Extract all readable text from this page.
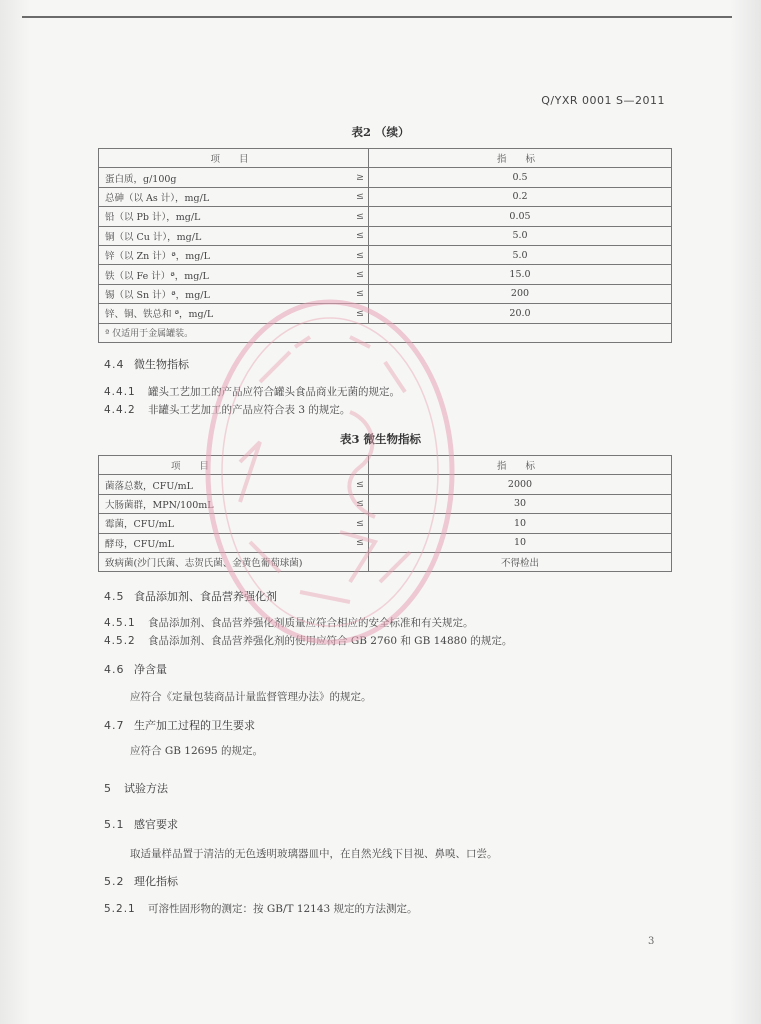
Q/YXR 0001 S—2011
表2 （续）
项 目		指 标
蛋白质，g/100g	≥	0.5
总砷（以 As 计），mg/L	≤	0.2
铅（以 Pb 计），mg/L	≤	0.05
铜（以 Cu 计），mg/L	≤	5.0
锌（以 Zn 计）ª，mg/L	≤	5.0
铁（以 Fe 计）ª，mg/L	≤	15.0
锡（以 Sn 计）ª，mg/L	≤	200
锌、铜、铁总和 ª，mg/L	≤	20.0
ª 仅适用于金属罐装。		
4.4 微生物指标
4.4.1 罐头工艺加工的产品应符合罐头食品商业无菌的规定。
4.4.2 非罐头工艺加工的产品应符合表 3 的规定。
表3 微生物指标
项 目		指 标
菌落总数，CFU/mL	≤	2000
大肠菌群，MPN/100mL	≤	30
霉菌，CFU/mL	≤	10
酵母，CFU/mL	≤	10
致病菌(沙门氏菌、志贺氏菌、金黄色葡萄球菌)		不得检出
4.5 食品添加剂、食品营养强化剂
4.5.1 食品添加剂、食品营养强化剂质量应符合相应的安全标准和有关规定。
4.5.2 食品添加剂、食品营养强化剂的使用应符合 GB 2760 和 GB 14880 的规定。
4.6 净含量
应符合《定量包装商品计量监督管理办法》的规定。
4.7 生产加工过程的卫生要求
应符合 GB 12695 的规定。
5 试验方法
5.1 感官要求
取适量样品置于清洁的无色透明玻璃器皿中，在自然光线下目视、鼻嗅、口尝。
5.2 理化指标
5.2.1 可溶性固形物的测定：按 GB/T 12143 规定的方法测定。
3
